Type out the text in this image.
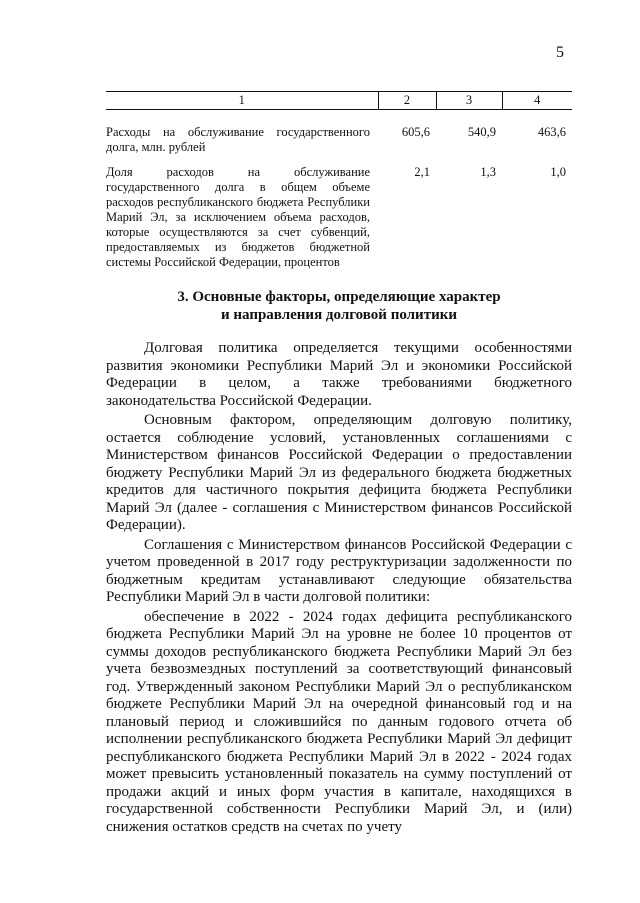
5
1	2	3	4
Расходы на обслуживание государственного долга, млн. рублей	605,6	540,9	463,6
Доля расходов на обслуживание государственного долга в общем объеме расходов республиканского бюджета Республики Марий Эл, за исключением объема расходов, которые осуществляются за счет субвенций, предоставляемых из бюджетов бюджетной системы Российской Федерации, процентов	2,1	1,3	1,0
3. Основные факторы, определяющие характер
и направления долговой политики

Долговая политика определяется текущими особенностями развития экономики Республики Марий Эл и экономики Российской Федерации в целом, а также требованиями бюджетного законодательства Российской Федерации.

Основным фактором, определяющим долговую политику, остается соблюдение условий, установленных соглашениями с Министерством финансов Российской Федерации о предоставлении бюджету Республики Марий Эл из федерального бюджета бюджетных кредитов для частичного покрытия дефицита бюджета Республики Марий Эл (далее - соглашения с Министерством финансов Российской Федерации).

Соглашения с Министерством финансов Российской Федерации с учетом проведенной в 2017 году реструктуризации задолженности по бюджетным кредитам устанавливают следующие обязательства Республики Марий Эл в части долговой политики:

обеспечение в 2022 - 2024 годах дефицита республиканского бюджета Республики Марий Эл на уровне не более 10 процентов от суммы доходов республиканского бюджета Республики Марий Эл без учета безвозмездных поступлений за соответствующий финансовый год. Утвержденный законом Республики Марий Эл о республиканском бюджете Республики Марий Эл на очередной финансовый год и на плановый период и сложившийся по данным годового отчета об исполнении республиканского бюджета Республики Марий Эл дефицит республиканского бюджета Республики Марий Эл в 2022 - 2024 годах может превысить установленный показатель на сумму поступлений от продажи акций и иных форм участия в капитале, находящихся в государственной собственности Республики Марий Эл, и (или) снижения остатков средств на счетах по учету
